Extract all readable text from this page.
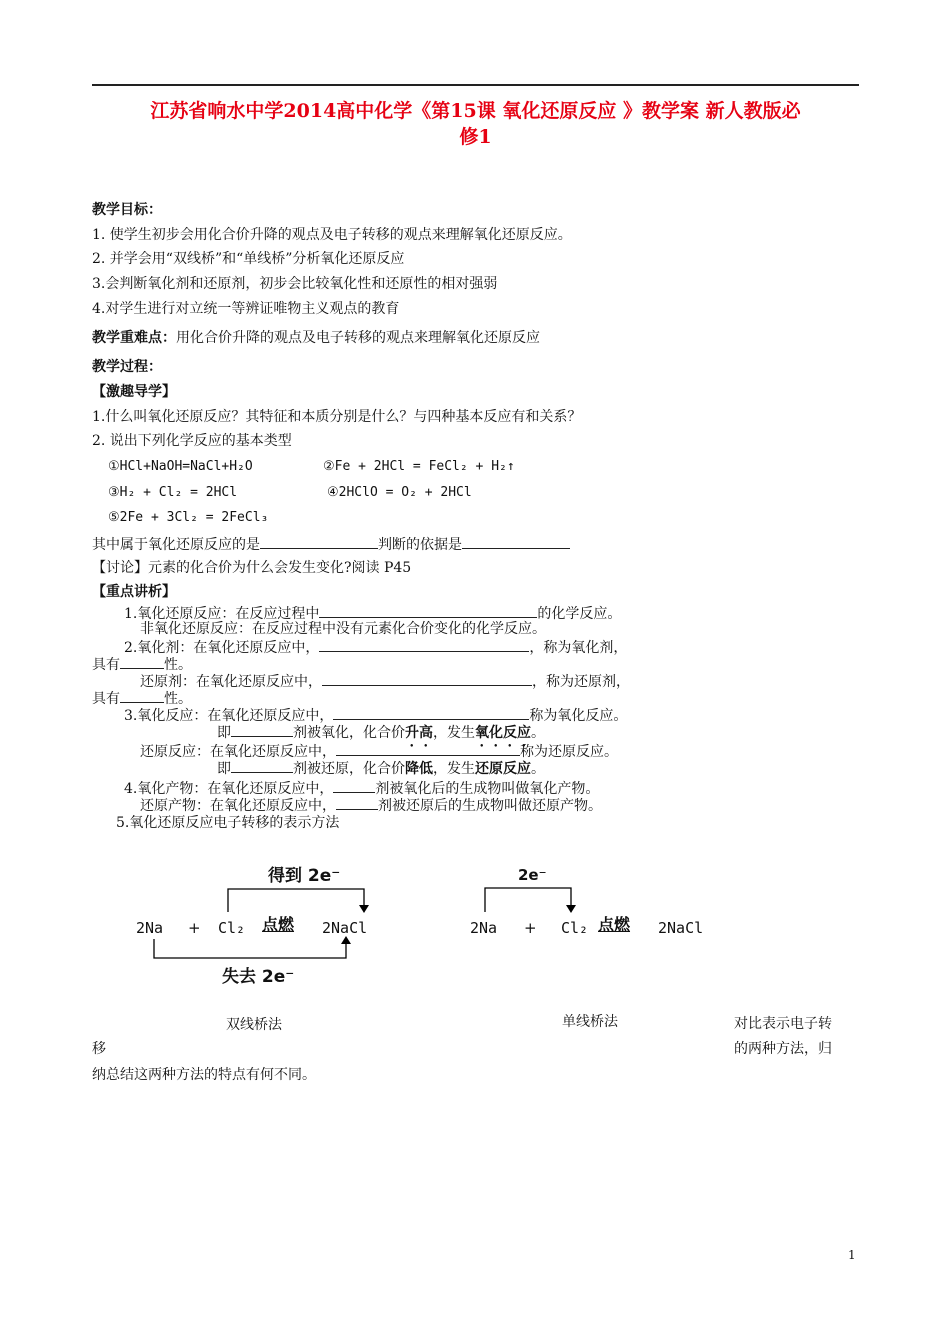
江苏省响水中学2014高中化学《第15课 氧化还原反应 》教学案 新人教版必
修1
教学目标：
1. 使学生初步会用化合价升降的观点及电子转移的观点来理解氧化还原反应。
2. 并学会用“双线桥”和“单线桥”分析氧化还原反应
3.会判断氧化剂和还原剂，初步会比较氧化性和还原性的相对强弱
4.对学生进行对立统一等辨证唯物主义观点的教育
教学重难点：用化合价升降的观点及电子转移的观点来理解氧化还原反应
教学过程：
【激趣导学】
1.什么叫氧化还原反应？其特征和本质分别是什么？与四种基本反应有和关系？
2. 说出下列化学反应的基本类型
①HCl+NaOH=NaCl+H₂O	②Fe + 2HCl = FeCl₂ + H₂↑
③H₂ + Cl₂ = 2HCl	④2HClO = O₂ + 2HCl
⑤2Fe + 3Cl₂ = 2FeCl₃
其中属于氧化还原反应的是	判断的依据是
【讨论】元素的化合价为什么会发生变化?阅读 P45
【重点讲析】
1.氧化还原反应：在反应过程中	的化学反应。
非氧化还原反应：在反应过程中没有元素化合价变化的化学反应。
2.氧化剂：在氧化还原反应中，	，称为氧化剂，
具有	性。
还原剂：在氧化还原反应中，	，称为还原剂，
具有	性。
3.氧化反应：在氧化还原反应中，	称为氧化反应。
即	剂被氧化，化合价升高，发生氧化反应。
还原反应：在氧化还原反应中，	称为还原反应。
即	剂被还原，化合价降低，发生还原反应。
4.氧化产物：在氧化还原反应中，	剂被氧化后的生成物叫做氧化产物。
还原产物：在氧化还原反应中，	剂被还原后的生成物叫做还原产物。
5.氧化还原反应电子转移的表示方法
得到 2e⁻
2Na + Cl₂ 点燃 2NaCl
失去 2e⁻
双线桥法
2e⁻
2Na + Cl₂ 点燃 2NaCl
单线桥法	对比表示电子转
移	的两种方法，归
纳总结这两种方法的特点有何不同。
1
